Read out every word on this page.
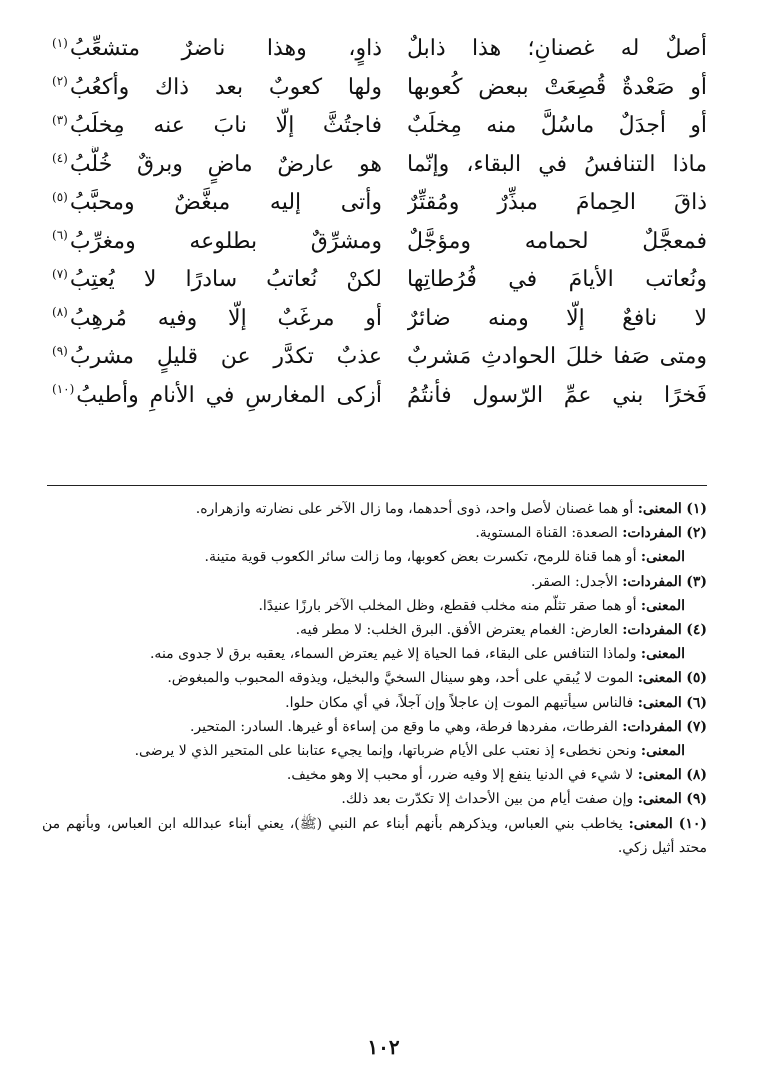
أصلٌ له غصنانِ؛ هذا ذابلٌ
ذاوٍ، وهذا ناضرٌ متشعِّبُ$^{(١)}$
أو صَعْدةٌ قُصِعَتْ ببعض كُعوبها
ولها كعوبٌ بعد ذاك وأكعُبُ$^{(٢)}$
أو أجدَلٌ ماسُلَّ منه مِخلَبٌ
فاجتُثَّ إلّا نابَ عنه مِخلَبُ$^{(٣)}$
ماذا التنافسُ في البقاء، وإنّما
هو عارضٌ ماضٍ وبرقٌ خُلَّبُ$^{(٤)}$
ذاقَ الحِمامَ مبذِّرٌ ومُقتِّرٌ
وأتى إليه مبغَّضٌ ومحبَّبُ$^{(٥)}$
فمعجَّلٌ لحمامه ومؤجَّلٌ
ومشرِّقٌ بطلوعه ومغرِّبُ$^{(٦)}$
ونُعاتب الأيامَ في فُرُطاتِها
لكنْ نُعاتبُ سادرًا لا يُعتِبُ$^{(٧)}$
لا نافعٌ إلّا ومنه ضائرٌ
أو مرغَبٌ إلّا وفيه مُرهِبُ$^{(٨)}$
ومتى صَفا خللَ الحوادثِ مَشربٌ
عذبٌ تكدَّر عن قليلٍ مشربُ$^{(٩)}$
فَخرًا بني عمِّ الرّسول فأنتُمُ
أزكى المغارسِ في الأنامِ وأطيبُ$^{(١٠)}$
(١) المعنى: أو هما غصنان لأصل واحد، ذوى أحدهما، وما زال الآخر على نضارته وازهراره.
(٢) المفردات: الصعدة: القناة المستوية.
المعنى: أو هما قناة للرمح، تكسرت بعض كعوبها، وما زالت سائر الكعوب قوية متينة.
(٣) المفردات: الأجدل: الصقر.
المعنى: أو هما صقر تثلّم منه مخلب فقطع، وظل المخلب الآخر بارزًا عنيدًا.
(٤) المفردات: العارض: الغمام يعترض الأفق. البرق الخلب: لا مطر فيه.
المعنى: ولماذا التنافس على البقاء، فما الحياة إلا غيم يعترض السماء، يعقبه برق لا جدوى منه.
(٥) المعنى: الموت لا يُبقي على أحد، وهو سينال السخيَّ والبخيل، ويذوقه المحبوب والمبغوض.
(٦) المعنى: فالناس سيأتيهم الموت إن عاجلاً وإن آجلاً، في أي مكان حلوا.
(٧) المفردات: الفرطات، مفردها فرطة، وهي ما وقع من إساءة أو غيرها. السادر: المتحير.
المعنى: ونحن نخطىء إذ نعتب على الأيام ضرباتها، وإنما يجيء عتابنا على المتحير الذي لا يرضى.
(٨) المعنى: لا شيء في الدنيا ينفع إلا وفيه ضرر، أو محبب إلا وهو مخيف.
(٩) المعنى: وإن صفت أيام من بين الأحداث إلا تكدّرت بعد ذلك.
(١٠) المعنى: يخاطب بني العباس، ويذكرهم بأنهم أبناء عم النبي (ﷺ)، يعني أبناء عبدالله ابن العباس، وبأنهم من محتد أثيل زكي.
١٠٢
